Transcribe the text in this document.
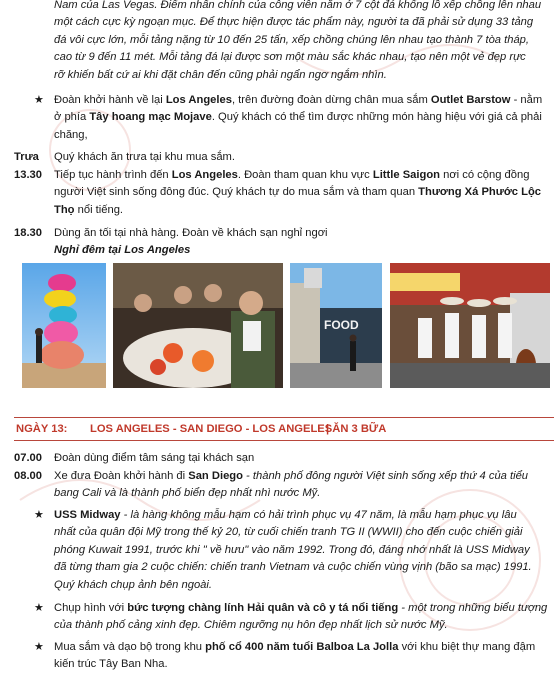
Nam của Las Vegas. Điểm nhấn chính của công viên nằm ở 7 cột đá khổng lồ xếp chồng lên nhau
một cách cực kỳ ngoạn mục. Để thực hiện được tác phẩm này, người ta đã phải sử dụng 33 tảng
đá vôi cực lớn, mỗi tảng nặng từ 10 đến 25 tấn, xếp chồng chúng lên nhau tạo thành 7 tòa tháp,
cao từ 9 đến 11 mét. Mỗi tảng đá lại được sơn một màu sắc khác nhau, tạo nên một vẻ đẹp rực
rỡ khiến bất cứ ai khi đặt chân đến cũng phải ngẩn ngơ ngắm nhìn.
★ Đoàn khởi hành về lại Los Angeles, trên đường đoàn dừng chân mua sắm Outlet Barstow - nằm
ở phía Tây hoang mạc Mojave. Quý khách có thể tìm được những món hàng hiệu với giá cả phải
chăng,
Trưa	Quý khách ăn trưa tại khu mua sắm.
13.30	Tiếp tục hành trình đến Los Angeles. Đoàn tham quan khu vực Little Saigon nơi có cộng đồng
người Việt sinh sống đông đúc. Quý khách tự do mua sắm và tham quan Thương Xá Phước Lộc
Thọ nổi tiếng.
18.30	Dùng ăn tối tại nhà hàng. Đoàn về khách sạn nghỉ ngơi
Nghỉ đêm tại Los Angeles
FOOD
NGÀY 13: LOS ANGELES - SAN DIEGO - LOS ANGELES
| ĂN 3 BỮA
07.00	Đoàn dùng điểm tâm sáng tại khách sạn
08.00	Xe đưa Đoàn khởi hành đi San Diego - thành phố đông người Việt sinh sống xếp thứ 4 của tiểu
bang Cali và là thành phố biển đẹp nhất nhì nước Mỹ.
★ USS Midway - là hàng không mẫu hạm có hải trình phục vụ 47 năm, là mẫu hạm phục vụ lâu
nhất của quân đội Mỹ trong thế kỷ 20, từ cuối chiến tranh TG II (WWII) cho đến cuộc chiến giải
phóng Kuwait 1991, trước khi " về hưu" vào năm 1992. Trong đó, đáng nhớ nhất là USS Midway
đã từng tham gia 2 cuộc chiến: chiến tranh Vietnam và cuộc chiến vùng vịnh (bão sa mạc) 1991.
Quý khách chụp ảnh bên ngoài.
★ Chụp hình với bức tượng chàng lính Hải quân và cô y tá nổi tiếng - một trong những biểu tượng
của thành phố cảng xinh đẹp. Chiêm ngưỡng nụ hôn đẹp nhất lịch sử nước Mỹ.
★ Mua sắm và dạo bộ trong khu phố cổ 400 năm tuổi Balboa La Jolla với khu biệt thự mang đậm
kiến trúc Tây Ban Nha.
